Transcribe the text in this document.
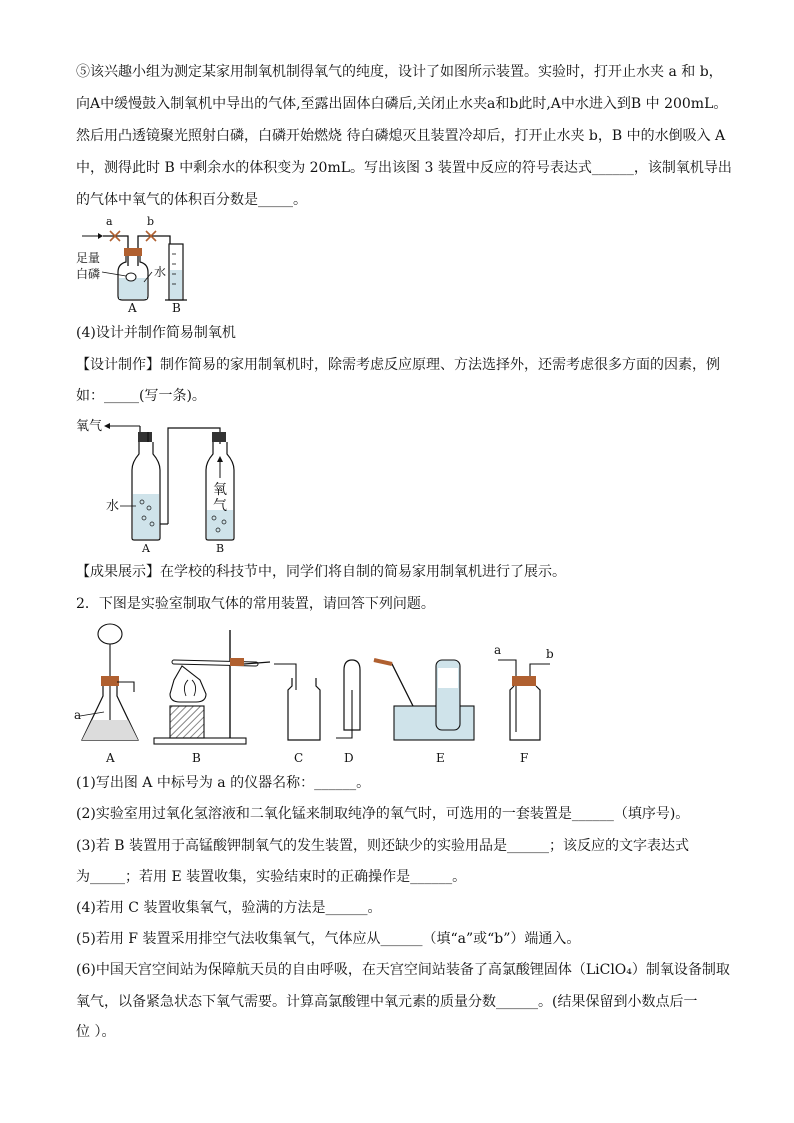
⑤该兴趣小组为测定某家用制氧机制得氧气的纯度，设计了如图所示装置。实验时，打开止水夹 a 和 b，
向A中缓慢鼓入制氧机中导出的气体,至露出固体白磷后,关闭止水夹a和b此时,A中水进入到B 中 200mL。
然后用凸透镜聚光照射白磷，白磷开始燃烧 待白磷熄灭且装置冷却后，打开止水夹 b，B 中的水倒吸入 A
中，测得此时 B 中剩余水的体积变为 20mL。写出该图 3 装置中反应的符号表达式______，该制氧机导出
的气体中氧气的体积百分数是_____。
a	b
足量
白磷	水
A	B
(4)设计并制作简易制氧机
【设计制作】制作简易的家用制氧机时，除需考虑反应原理、方法选择外，还需考虑很多方面的因素，例
如：_____(写一条)。
氧气
氧
气
水
A	B
【成果展示】在学校的科技节中，同学们将自制的简易家用制氧机进行了展示。
2．下图是实验室制取气体的常用装置，请回答下列问题。
a
a	b
A	B	C	D	E	F
(1)写出图 A 中标号为 a 的仪器名称：______。
(2)实验室用过氧化氢溶液和二氧化锰来制取纯净的氧气时，可选用的一套装置是______（填序号)。
(3)若 B 装置用于高锰酸钾制氧气的发生装置，则还缺少的实验用品是______；该反应的文字表达式
为_____；若用 E 装置收集，实验结束时的正确操作是______。
(4)若用 C 装置收集氧气，验满的方法是______。
(5)若用 F 装置采用排空气法收集氧气，气体应从______（填“a”或“b”）端通入。
(6)中国天宫空间站为保障航天员的自由呼吸，在天宫空间站装备了高氯酸锂固体（LiClO₄）制氧设备制取
氧气，以备紧急状态下氧气需要。计算高氯酸锂中氧元素的质量分数______。(结果保留到小数点后一
位 ）。
